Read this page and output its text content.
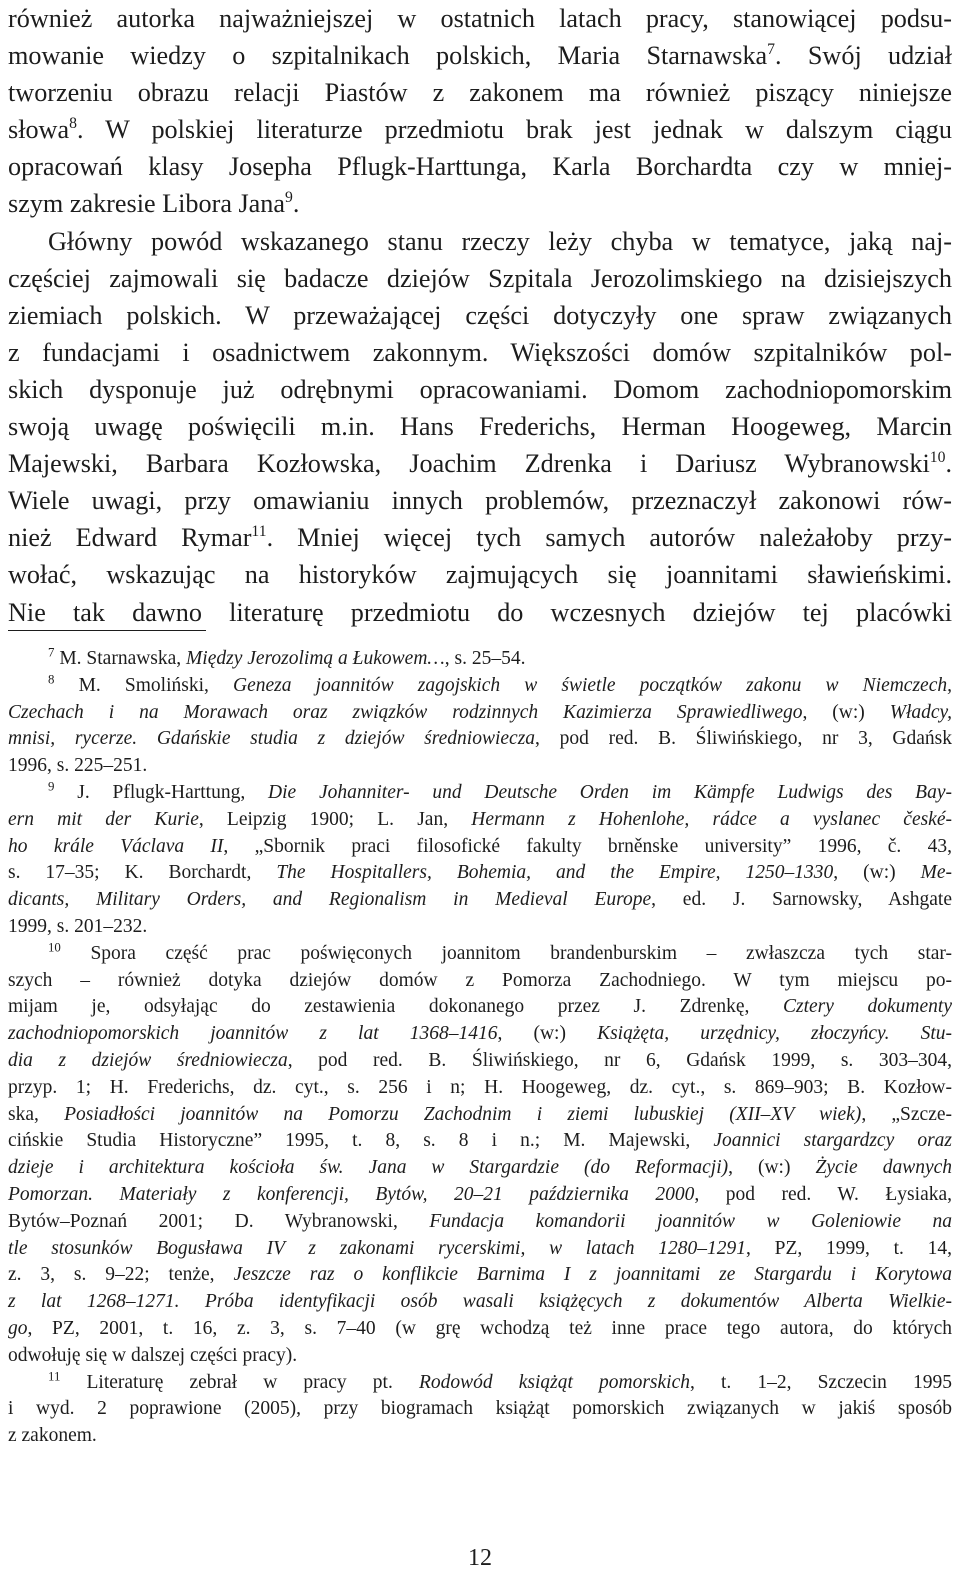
również autorka najważniejszej w ostatnich latach pracy, stanowiącej podsu-
mowanie wiedzy o szpitalnikach polskich, Maria Starnawska$^7$. Swój udział
tworzeniu obrazu relacji Piastów z zakonem ma również piszący niniejsze
słowa$^8$. W polskiej literaturze przedmiotu brak jest jednak w dalszym ciągu
opracowań klasy Josepha Pflugk-Harttunga, Karla Borchardta czy w mniej-
szym zakresie Libora Jana$^9$.
Główny powód wskazanego stanu rzeczy leży chyba w tematyce, jaką naj-
częściej zajmowali się badacze dziejów Szpitala Jerozolimskiego na dzisiejszych
ziemiach polskich. W przeważającej części dotyczyły one spraw związanych
z fundacjami i osadnictwem zakonnym. Większości domów szpitalników pol-
skich dysponuje już odrębnymi opracowaniami. Domom zachodniopomorskim
swoją uwagę poświęcili m.in. Hans Frederichs, Herman Hoogeweg, Marcin
Majewski, Barbara Kozłowska, Joachim Zdrenka i Dariusz Wybranowski$^{10}$.
Wiele uwagi, przy omawianiu innych problemów, przeznaczył zakonowi rów-
nież Edward Rymar$^{11}$. Mniej więcej tych samych autorów należałoby przy-
wołać, wskazując na historyków zajmujących się joannitami sławieńskimi.
Nie tak dawno literaturę przedmiotu do wczesnych dziejów tej placówki
$^7$ M. Starnawska, Między Jerozolimą a Łukowem…, s. 25–54.
$^8$ M. Smoliński, Geneza joannitów zagojskich w świetle początków zakonu w Niemczech,
Czechach i na Morawach oraz związków rodzinnych Kazimierza Sprawiedliwego, (w:) Władcy,
mnisi, rycerze. Gdańskie studia z dziejów średniowiecza, pod red. B. Śliwińskiego, nr 3, Gdańsk
1996, s. 225–251.
$^9$ J. Pflugk-Harttung, Die Johanniter- und Deutsche Orden im Kämpfe Ludwigs des Bay-
ern mit der Kurie, Leipzig 1900; L. Jan, Hermann z Hohenlohe, rádce a vyslanec české-
ho krále Václava II, „Sbornik praci filosofické fakulty brněnske university” 1996, č. 43,
s. 17–35; K. Borchardt, The Hospitallers, Bohemia, and the Empire, 1250–1330, (w:) Me-
dicants, Military Orders, and Regionalism in Medieval Europe, ed. J. Sarnowsky, Ashgate
1999, s. 201–232.
$^{10}$ Spora część prac poświęconych joannitom brandenburskim – zwłaszcza tych star-
szych – również dotyka dziejów domów z Pomorza Zachodniego. W tym miejscu po-
mijam je, odsyłając do zestawienia dokonanego przez J. Zdrenkę, Cztery dokumenty
zachodniopomorskich joannitów z lat 1368–1416, (w:) Książęta, urzędnicy, złoczyńcy. Stu-
dia z dziejów średniowiecza, pod red. B. Śliwińskiego, nr 6, Gdańsk 1999, s. 303–304,
przyp. 1; H. Frederichs, dz. cyt., s. 256 i n; H. Hoogeweg, dz. cyt., s. 869–903; B. Kozłow-
ska, Posiadłości joannitów na Pomorzu Zachodnim i ziemi lubuskiej (XII–XV wiek), „Szcze-
cińskie Studia Historyczne” 1995, t. 8, s. 8 i n.; M. Majewski, Joannici stargardzcy oraz
dzieje i architektura kościoła św. Jana w Stargardzie (do Reformacji), (w:) Życie dawnych
Pomorzan. Materiały z konferencji, Bytów, 20–21 października 2000, pod red. W. Łysiaka,
Bytów–Poznań 2001; D. Wybranowski, Fundacja komandorii joannitów w Goleniowie na
tle stosunków Bogusława IV z zakonami rycerskimi, w latach 1280–1291, PZ, 1999, t. 14,
z. 3, s. 9–22; tenże, Jeszcze raz o konflikcie Barnima I z joannitami ze Stargardu i Korytowa
z lat 1268–1271. Próba identyfikacji osób wasali książęcych z dokumentów Alberta Wielkie-
go, PZ, 2001, t. 16, z. 3, s. 7–40 (w grę wchodzą też inne prace tego autora, do których
odwołuję się w dalszej części pracy).
$^{11}$ Literaturę zebrał w pracy pt. Rodowód książąt pomorskich, t. 1–2, Szczecin 1995
i wyd. 2 poprawione (2005), przy biogramach książąt pomorskich związanych w jakiś sposób
z zakonem.
12
